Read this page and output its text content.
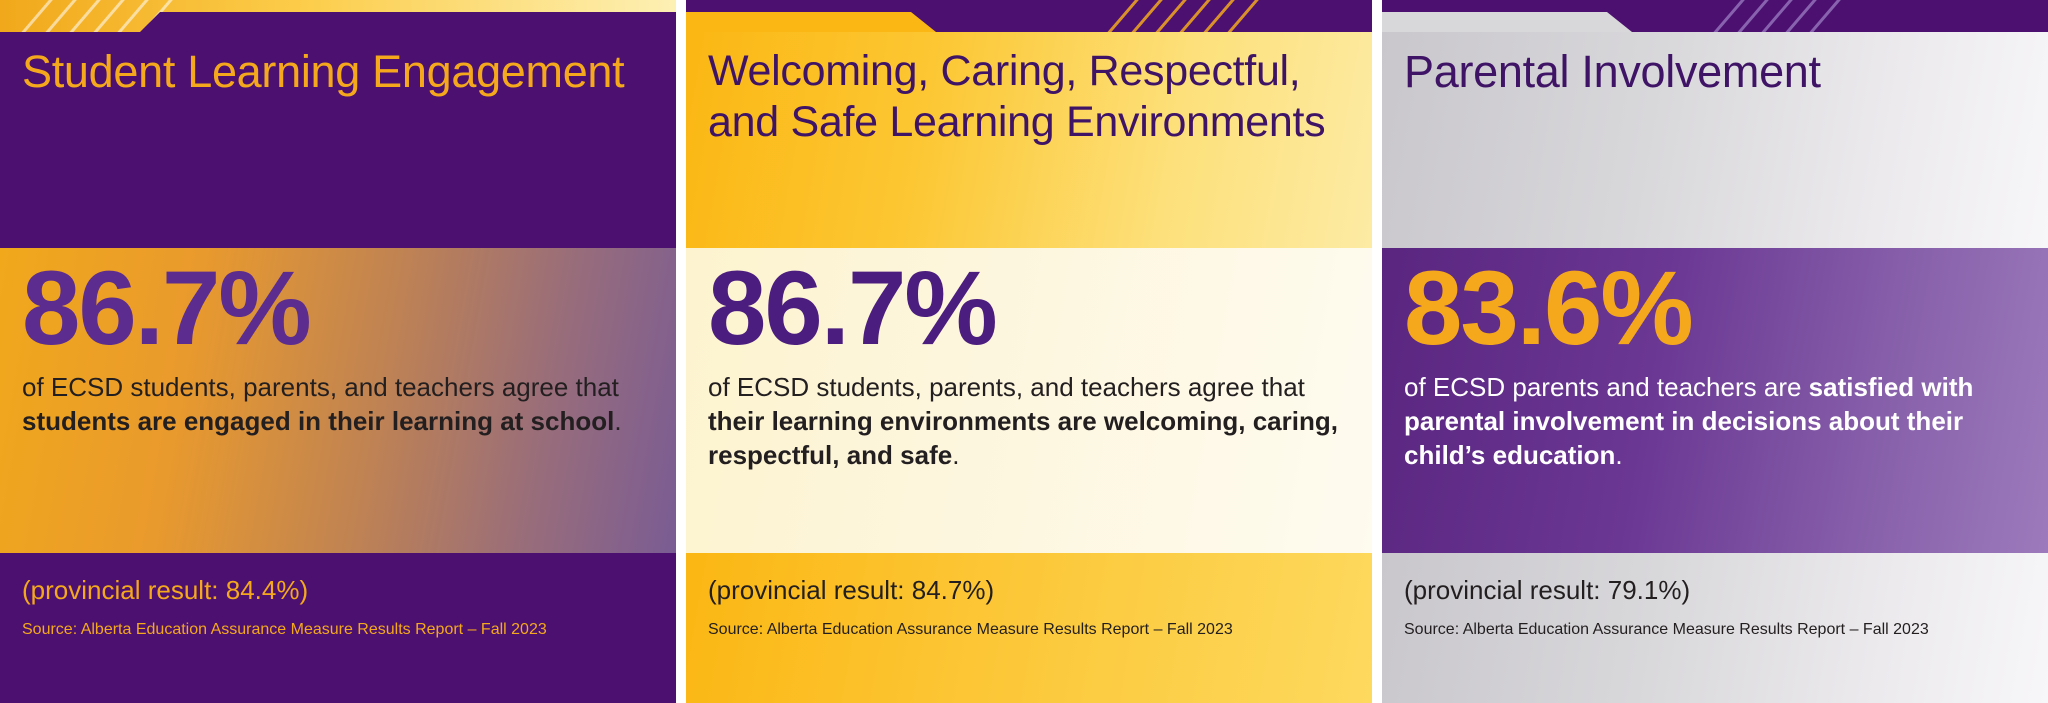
Student Learning Engagement
86.7%

of ECSD students, parents, and teachers agree that students are engaged in their learning at school.

(provincial result: 84.4%)

Source: Alberta Education Assurance Measure Results Report – Fall 2023

Welcoming, Caring, Respectful, and Safe Learning Environments
86.7%

of ECSD students, parents, and teachers agree that their learning environments are welcoming, caring, respectful, and safe.

(provincial result: 84.7%)

Source: Alberta Education Assurance Measure Results Report – Fall 2023

Parental Involvement
83.6%

of ECSD parents and teachers are satisfied with parental involvement in decisions about their child’s education.

(provincial result: 79.1%)

Source: Alberta Education Assurance Measure Results Report – Fall 2023
